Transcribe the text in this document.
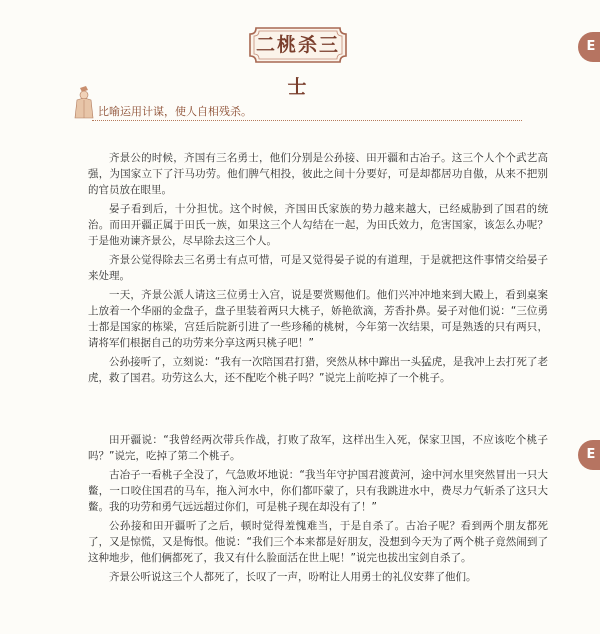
二桃杀三士
E
E
比喻运用计谋，使人自相残杀。

齐景公的时候，齐国有三名勇士，他们分别是公孙接、田开疆和古冶子。这三个人个个武艺高强，为国家立下了汗马功劳。他们脾气相投，彼此之间十分要好，可是却都居功自傲，从来不把别的官员放在眼里。

晏子看到后，十分担忧。这个时候，齐国田氏家族的势力越来越大，已经威胁到了国君的统治。而田开疆正属于田氏一族，如果这三个人勾结在一起，为田氏效力，危害国家，该怎么办呢？于是他劝谏齐景公，尽早除去这三个人。

齐景公觉得除去三名勇士有点可惜，可是又觉得晏子说的有道理，于是就把这件事情交给晏子来处理。

一天，齐景公派人请这三位勇士入宫，说是要赏赐他们。他们兴冲冲地来到大殿上，看到桌案上放着一个华丽的金盘子，盘子里装着两只大桃子，娇艳欲滴，芳香扑鼻。晏子对他们说：“三位勇士都是国家的栋梁，宫廷后院新引进了一些珍稀的桃树，今年第一次结果，可是熟透的只有两只，请将军们根据自己的功劳来分享这两只桃子吧！”

公孙接听了，立刻说：“我有一次陪国君打猎，突然从林中蹿出一头猛虎，是我冲上去打死了老虎，救了国君。功劳这么大，还不配吃个桃子吗？”说完上前吃掉了一个桃子。

田开疆说：“我曾经两次带兵作战，打败了敌军，这样出生入死，保家卫国，不应该吃个桃子吗？”说完，吃掉了第二个桃子。

古冶子一看桃子全没了，气急败坏地说：“我当年守护国君渡黄河，途中河水里突然冒出一只大鳖，一口咬住国君的马车，拖入河水中，你们都吓蒙了，只有我跳进水中，费尽力气斩杀了这只大鳖。我的功劳和勇气远远超过你们，可是桃子现在却没有了！”

公孙接和田开疆听了之后，顿时觉得羞愧难当，于是自杀了。古冶子呢？看到两个朋友都死了，又是惊慌，又是悔恨。他说：“我们三个本来都是好朋友，没想到今天为了两个桃子竟然闹到了这种地步，他们俩都死了，我又有什么脸面活在世上呢！”说完也拔出宝剑自杀了。

齐景公听说这三个人都死了，长叹了一声，吩咐让人用勇士的礼仪安葬了他们。
